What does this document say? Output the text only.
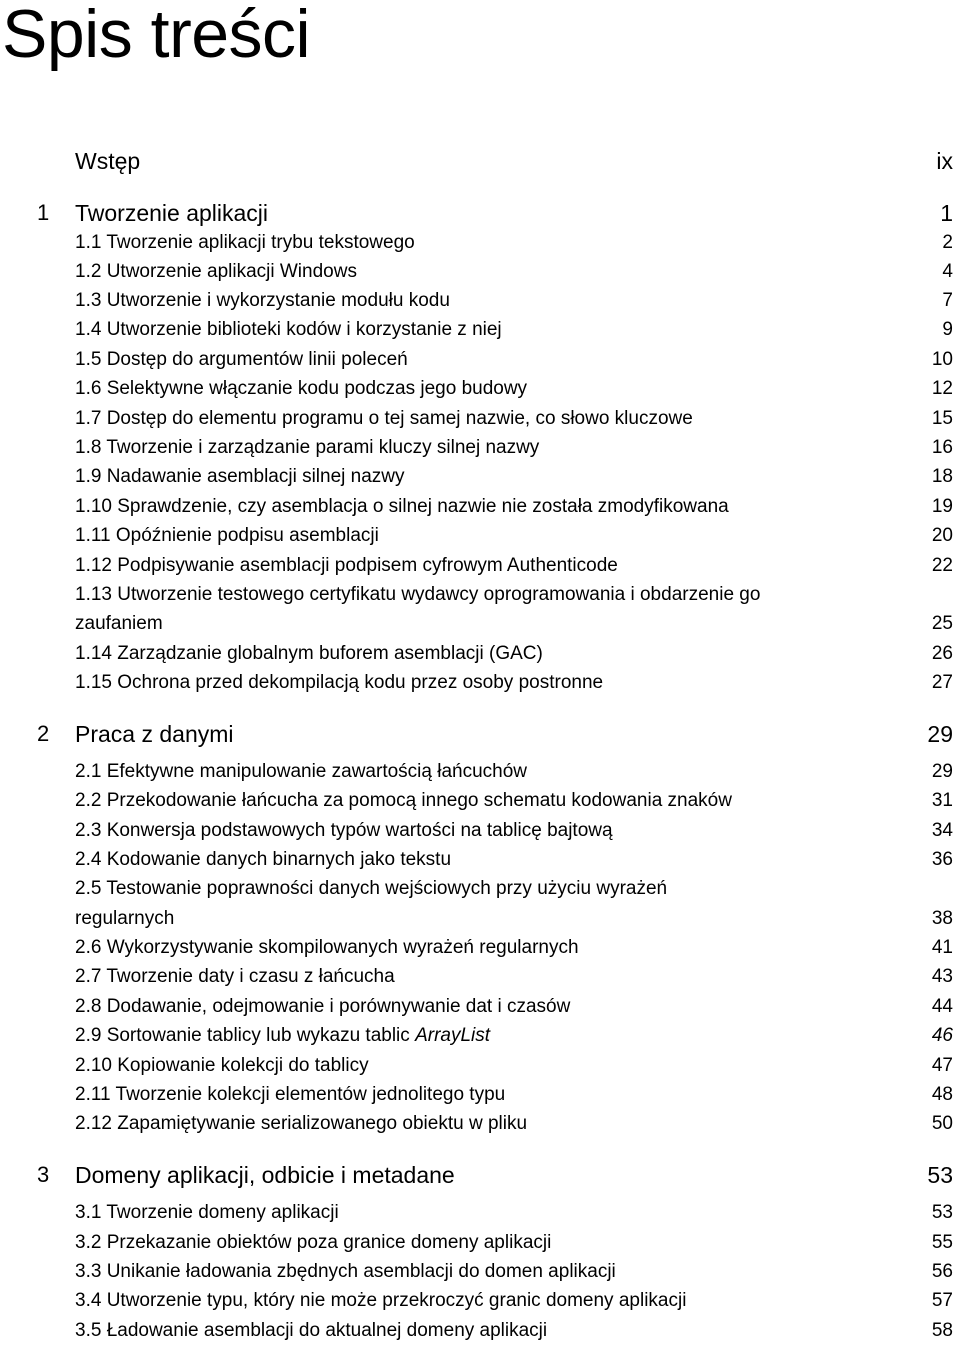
Spis treści
Wstęp	ix
1 Tworzenie aplikacji	1
1.1 Tworzenie aplikacji trybu tekstowego	2
1.2 Utworzenie aplikacji Windows	4
1.3 Utworzenie i wykorzystanie modułu kodu	7
1.4 Utworzenie biblioteki kodów i korzystanie z niej	9
1.5 Dostęp do argumentów linii poleceń	10
1.6 Selektywne włączanie kodu podczas jego budowy	12
1.7 Dostęp do elementu programu o tej samej nazwie, co słowo kluczowe	15
1.8 Tworzenie i zarządzanie parami kluczy silnej nazwy	16
1.9 Nadawanie asemblacji silnej nazwy	18
1.10 Sprawdzenie, czy asemblacja o silnej nazwie nie została zmodyfikowana	19
1.11 Opóźnienie podpisu asemblacji	20
1.12 Podpisywanie asemblacji podpisem cyfrowym Authenticode	22
1.13 Utworzenie testowego certyfikatu wydawcy oprogramowania i obdarzenie go
zaufaniem	25
1.14 Zarządzanie globalnym buforem asemblacji (GAC)	26
1.15 Ochrona przed dekompilacją kodu przez osoby postronne	27
2 Praca z danymi	29
2.1 Efektywne manipulowanie zawartością łańcuchów	29
2.2 Przekodowanie łańcucha za pomocą innego schematu kodowania znaków	31
2.3 Konwersja podstawowych typów wartości na tablicę bajtową	34
2.4 Kodowanie danych binarnych jako tekstu	36
2.5 Testowanie poprawności danych wejściowych przy użyciu wyrażeń
regularnych	38
2.6 Wykorzystywanie skompilowanych wyrażeń regularnych	41
2.7 Tworzenie daty i czasu z łańcucha	43
2.8 Dodawanie, odejmowanie i porównywanie dat i czasów	44
2.9 Sortowanie tablicy lub wykazu tablic ArrayList	46
2.10 Kopiowanie kolekcji do tablicy	47
2.11 Tworzenie kolekcji elementów jednolitego typu	48
2.12 Zapamiętywanie serializowanego obiektu w pliku	50
3 Domeny aplikacji, odbicie i metadane	53
3.1 Tworzenie domeny aplikacji	53
3.2 Przekazanie obiektów poza granice domeny aplikacji	55
3.3 Unikanie ładowania zbędnych asemblacji do domen aplikacji	56
3.4 Utworzenie typu, który nie może przekroczyć granic domeny aplikacji	57
3.5 Ładowanie asemblacji do aktualnej domeny aplikacji	58
